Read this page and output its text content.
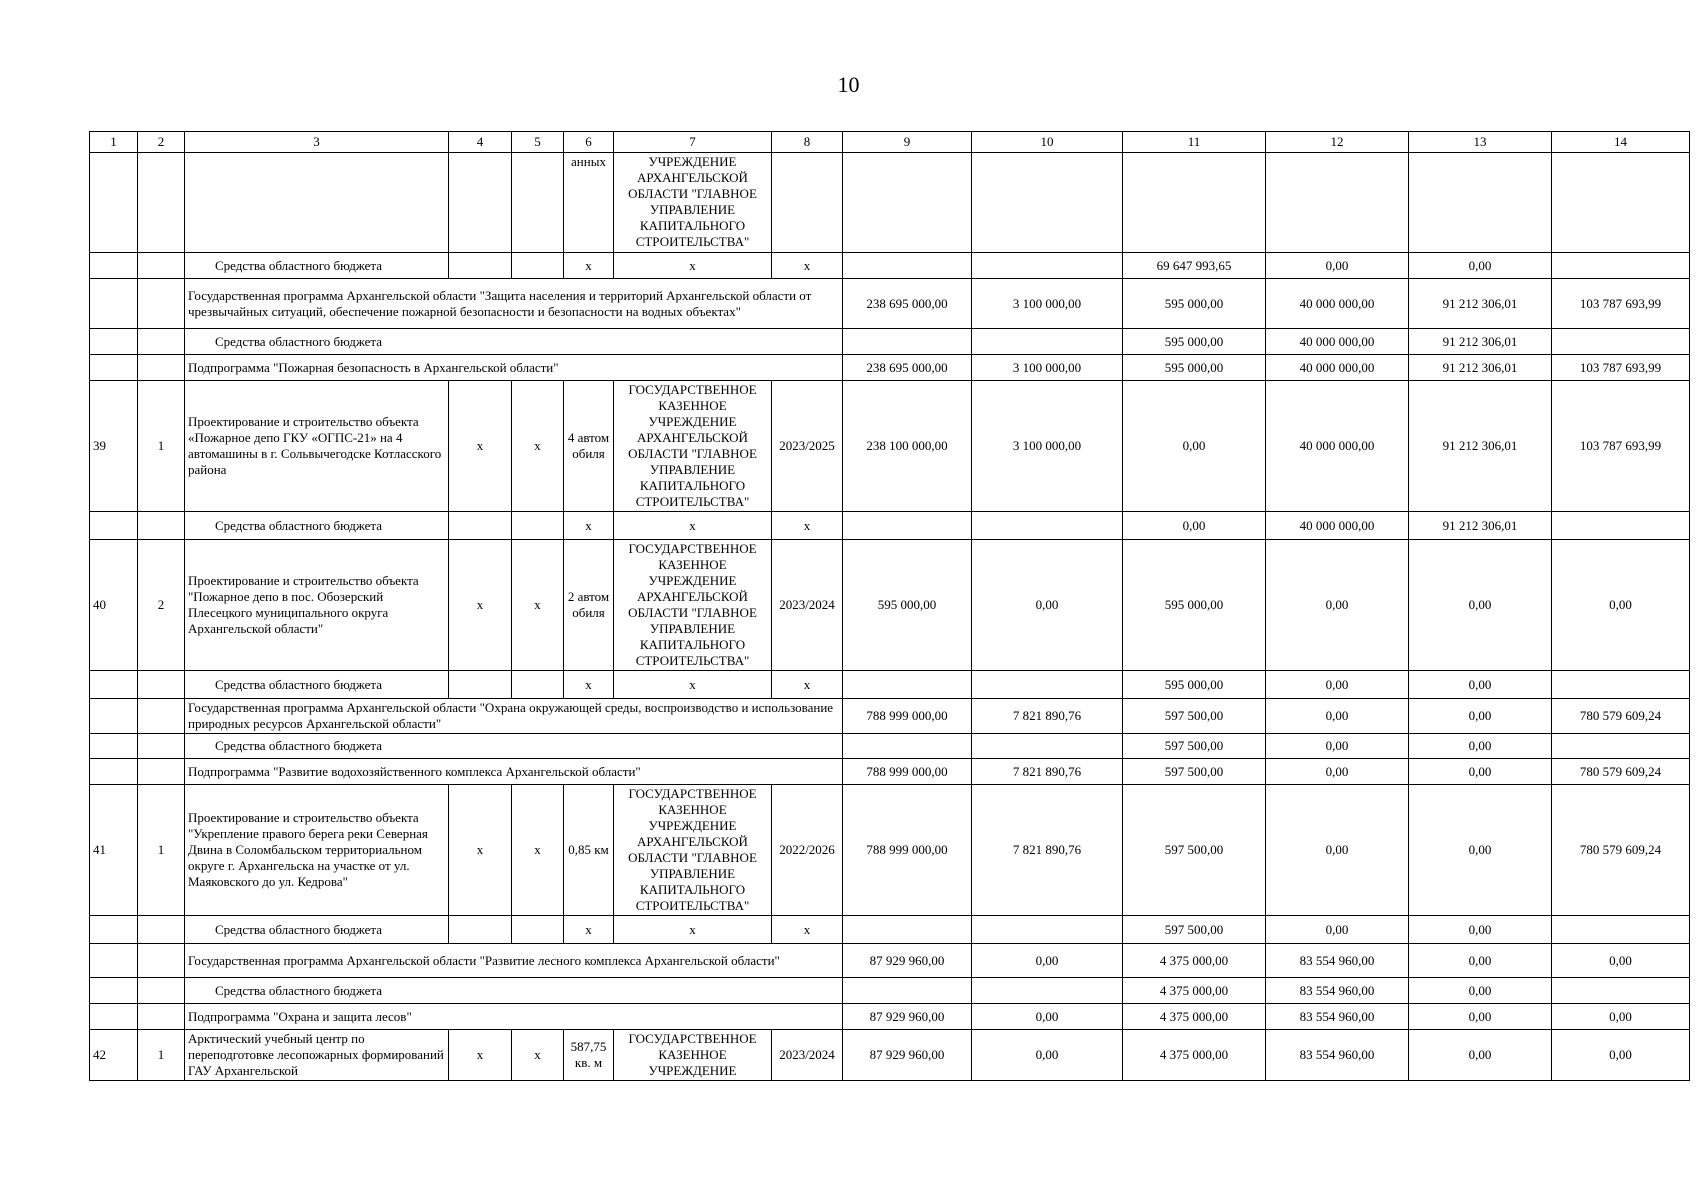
10
1	2	3	4	5	6	7	8	9	10	11	12	13	14
					анных	УЧРЕЖДЕНИЕ АРХАНГЕЛЬСКОЙ ОБЛАСТИ "ГЛАВНОЕ УПРАВЛЕНИЕ КАПИТАЛЬНОГО СТРОИТЕЛЬСТВА"							
		Средства областного бюджета			x	x	x			69 647 993,65	0,00	0,00	
		Государственная программа Архангельской области "Защита населения и территорий Архангельской области от чрезвычайных ситуаций, обеспечение пожарной безопасности и безопасности на водных объектах"						238 695 000,00	3 100 000,00	595 000,00	40 000 000,00	91 212 306,01	103 787 693,99
		Средства областного бюджета								595 000,00	40 000 000,00	91 212 306,01	
		Подпрограмма "Пожарная безопасность в Архангельской области"						238 695 000,00	3 100 000,00	595 000,00	40 000 000,00	91 212 306,01	103 787 693,99
39	1	Проектирование и строительство объекта «Пожарное депо ГКУ «ОГПС-21» на 4 автомашины в г. Сольвычегодске Котласского района	x	x	4 автом обиля	ГОСУДАРСТВЕННОЕ КАЗЕННОЕ УЧРЕЖДЕНИЕ АРХАНГЕЛЬСКОЙ ОБЛАСТИ "ГЛАВНОЕ УПРАВЛЕНИЕ КАПИТАЛЬНОГО СТРОИТЕЛЬСТВА"	2023/2025	238 100 000,00	3 100 000,00	0,00	40 000 000,00	91 212 306,01	103 787 693,99
		Средства областного бюджета			x	x	x			0,00	40 000 000,00	91 212 306,01	
40	2	Проектирование и строительство объекта "Пожарное депо в пос. Обозерский Плесецкого муниципального округа Архангельской области"	x	x	2 автом обиля	ГОСУДАРСТВЕННОЕ КАЗЕННОЕ УЧРЕЖДЕНИЕ АРХАНГЕЛЬСКОЙ ОБЛАСТИ "ГЛАВНОЕ УПРАВЛЕНИЕ КАПИТАЛЬНОГО СТРОИТЕЛЬСТВА"	2023/2024	595 000,00	0,00	595 000,00	0,00	0,00	0,00
		Средства областного бюджета			x	x	x			595 000,00	0,00	0,00	
		Государственная программа Архангельской области "Охрана окружающей среды, воспроизводство и использование природных ресурсов Архангельской области"						788 999 000,00	7 821 890,76	597 500,00	0,00	0,00	780 579 609,24
		Средства областного бюджета								597 500,00	0,00	0,00	
		Подпрограмма "Развитие водохозяйственного комплекса Архангельской области"						788 999 000,00	7 821 890,76	597 500,00	0,00	0,00	780 579 609,24
41	1	Проектирование и строительство объекта "Укрепление правого берега реки Северная Двина в Соломбальском территориальном округе г. Архангельска на участке от ул. Маяковского до ул. Кедрова"	x	x	0,85 км	ГОСУДАРСТВЕННОЕ КАЗЕННОЕ УЧРЕЖДЕНИЕ АРХАНГЕЛЬСКОЙ ОБЛАСТИ "ГЛАВНОЕ УПРАВЛЕНИЕ КАПИТАЛЬНОГО СТРОИТЕЛЬСТВА"	2022/2026	788 999 000,00	7 821 890,76	597 500,00	0,00	0,00	780 579 609,24
		Средства областного бюджета			x	x	x			597 500,00	0,00	0,00	
		Государственная программа Архангельской области "Развитие лесного комплекса Архангельской области"						87 929 960,00	0,00	4 375 000,00	83 554 960,00	0,00	0,00
		Средства областного бюджета								4 375 000,00	83 554 960,00	0,00	
		Подпрограмма "Охрана и защита лесов"						87 929 960,00	0,00	4 375 000,00	83 554 960,00	0,00	0,00
42	1	Арктический учебный центр по переподготовке лесопожарных формирований ГАУ Архангельской	x	x	587,75 кв. м	ГОСУДАРСТВЕННОЕ КАЗЕННОЕ УЧРЕЖДЕНИЕ	2023/2024	87 929 960,00	0,00	4 375 000,00	83 554 960,00	0,00	0,00
